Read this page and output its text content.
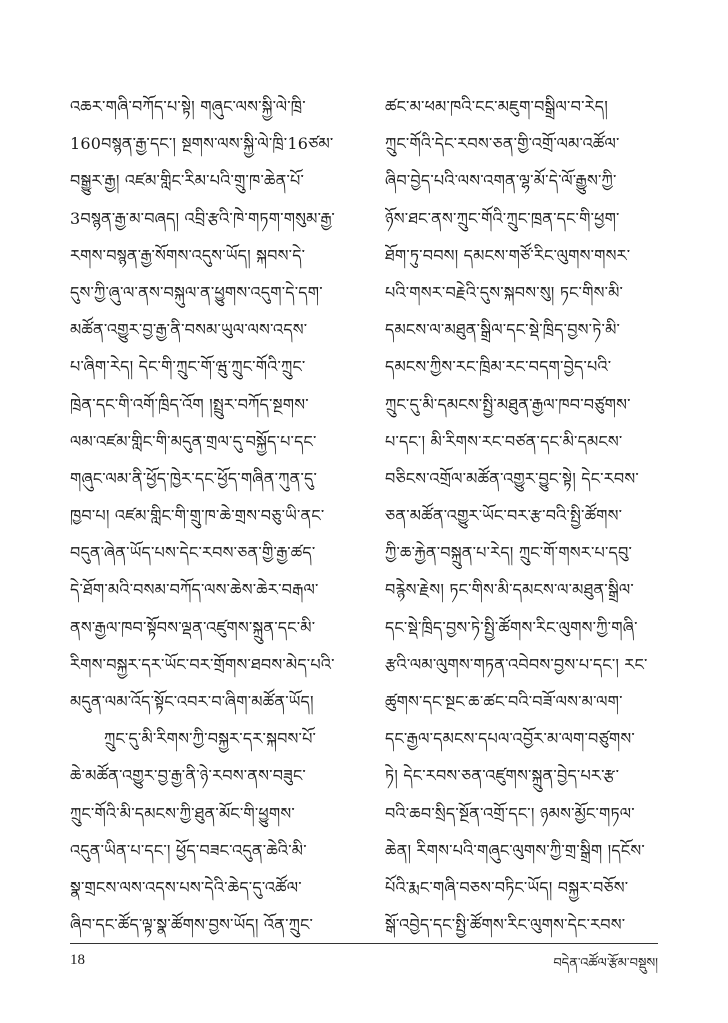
འཆར་གཞི་བཀོད་པ་སྟེ། གཞུང་ལས་སྐྱི་ལེ་ཁྲི་
160བསྙན་རྒྱ་དང་། སྔགས་ལས་སྐྱི་ལེ་ཁྲི་16ཙམ་
བསྒྱུར་རྒྱ། འཛམ་གླིང་རིམ་པའི་གྲུ་ཁ་ཆེན་པོ་
3བསྙན་རྒྱ་མ་བཞད། འབྲི་རྩའི་ཁེ་གཏག་གསུམ་རྒྱ་
རགས་བསྙན་རྒྱ་སོགས་འདུས་ཡོད། སྐབས་དེ་
དུས་ཀྱི་ཞུ་ལ་ནས་བསྐུལ་ན་ཕྱུགས་འདུག་དེ་དག་
མཚོན་འགྱུར་བྱ་རྒྱ་ནི་བསམ་ཡུལ་ལས་འདས་
པ་ཞིག་རེད། དེང་གི་ཀྲུང་གོ་ཝུ་ཀྲུང་གོའི་ཀྲུང་
ཁྲེན་དང་གི་འགོ་ཁྲིད་འོག །སྤྲུར་བཀོད་སྔགས་
ལམ་འཛམ་གླིང་གི་མདུན་གྲལ་དུ་བསྐྱོད་པ་དང་
གཞུང་ལམ་ནི་ཕྱོད་ཁྱེར་དང་ཕྱོད་གཞིན་ཀུན་དུ་
ཁྱབ་པ། འཛམ་གླིང་གི་གྲུ་ཁ་ཆེ་གྲས་བཅུ་ཡི་ནང་
བདུན་ཞེན་ཡོད་པས་དེང་རབས་ཅན་གྱི་རྒྱ་ཚད་
དེ་ཐོག་མའི་བསམ་བཀོད་ལས་ཆེས་ཆེར་བརྒལ་
ནས་རྒྱལ་ཁབ་སྟོབས་ལྡན་འཛུགས་སྐྲུན་དང་མི་
རིགས་བསྐྱར་དར་ཡོང་བར་གྲོགས་ཐབས་མེད་པའི་
མདུན་ལམ་འོད་སྟོང་འབར་བ་ཞིག་མཚོན་ཡོད།
ཀྲུང་དུ་མི་རིགས་ཀྱི་བསྐྱར་དར་སྐབས་པོ་
ཆེ་མཚོན་འགྱུར་བྱ་རྒྱ་ནི་ཉེ་རབས་ནས་བཟུང་
ཀྲུང་གོའི་མི་དམངས་ཀྱི་ཐུན་མོང་གི་ཕྱུགས་
འདུན་ཡིན་པ་དང་། ཕྱོད་བཟང་འདུན་ཆེའི་མི་
སྣ་གྲངས་ལས་འདས་པས་དེའི་ཆེད་དུ་འཚོལ་
ཞིབ་དང་ཚོད་ལྟ་སྣ་ཚོགས་བྱས་ཡོད། འོན་ཀྲུང་
ཚང་མ་ཕམ་ཁའི་ངང་མཇུག་བསྒྲིལ་བ་རེད།
ཀྲུང་གོའི་དེང་རབས་ཅན་གྱི་འགྲོ་ལམ་འཚོལ་
ཞིབ་བྱེད་པའི་ལས་འགན་ལྷ་མོ་དེ་ལོ་རྒྱུས་ཀྱི་
ཉོས་ཐང་ནས་ཀྲུང་གོའི་ཀྲུང་ཁྲན་དང་གི་ཕྱག་
ཐོག་ཏུ་བབས། དམངས་གཙོ་རིང་ལུགས་གསར་
པའི་གསར་བརྗེའི་དུས་སྐབས་སུ། ཏང་གིས་མི་
དམངས་ལ་མཐུན་སྒྲིལ་དང་སྡེ་ཁྲིད་བྱས་ཏེ་མི་
དམངས་ཀྱིས་རང་ཁྲིམ་རང་བདག་བྱེད་པའི་
ཀྲུང་དུ་མི་དམངས་སྤྱི་མཐུན་རྒྱལ་ཁབ་བཙུགས་
པ་དང་། མི་རིགས་རང་བཙན་དང་མི་དམངས་
བཅིངས་འགྲོལ་མཚོན་འགྱུར་བྱུང་སྟེ། དེང་རབས་
ཅན་མཚོན་འགྱུར་ཡོང་བར་རྩ་བའི་སྤྱི་ཚོགས་
ཀྱི་ཆ་རྐྱེན་བསྐྲུན་པ་རེད། ཀྲུང་གོ་གསར་པ་དབུ་
བརྙེས་རྗེས། ཏང་གིས་མི་དམངས་ལ་མཐུན་སྒྲིལ་
དང་སྡེ་ཁྲིད་བྱས་ཏེ་སྤྱི་ཚོགས་རིང་ལུགས་ཀྱི་གཞི་
རྩའི་ལམ་ལུགས་གཏན་འབེབས་བྱས་པ་དང་། རང་
ཚུགས་དང་སྔང་ཆ་ཚང་བའི་བཟོ་ལས་མ་ལག་
དང་རྒྱལ་དམངས་དཔལ་འབྱོར་མ་ལག་བཙུགས་
ཏེ། དེང་རབས་ཅན་འཛུགས་སྐྲུན་བྱེད་པར་རྩ་
བའི་ཆབ་སྲིད་སྔོན་འགྲོ་དང་། ཉམས་མྱོང་གཏལ་
ཆེན། རིགས་པའི་གཞུང་ལུགས་ཀྱི་གྲ་སྒྲིག །དངོས་
པོའི་རྨང་གཞི་བཅས་བཏིང་ཡོད། བསྐྱར་བཅོས་
སྒོ་འབྱེད་དང་སྤྱི་ཚོགས་རིང་ལུགས་དེང་རབས་
18	བདེན་འཚོལ་རྩོམ་བསྡུས།
